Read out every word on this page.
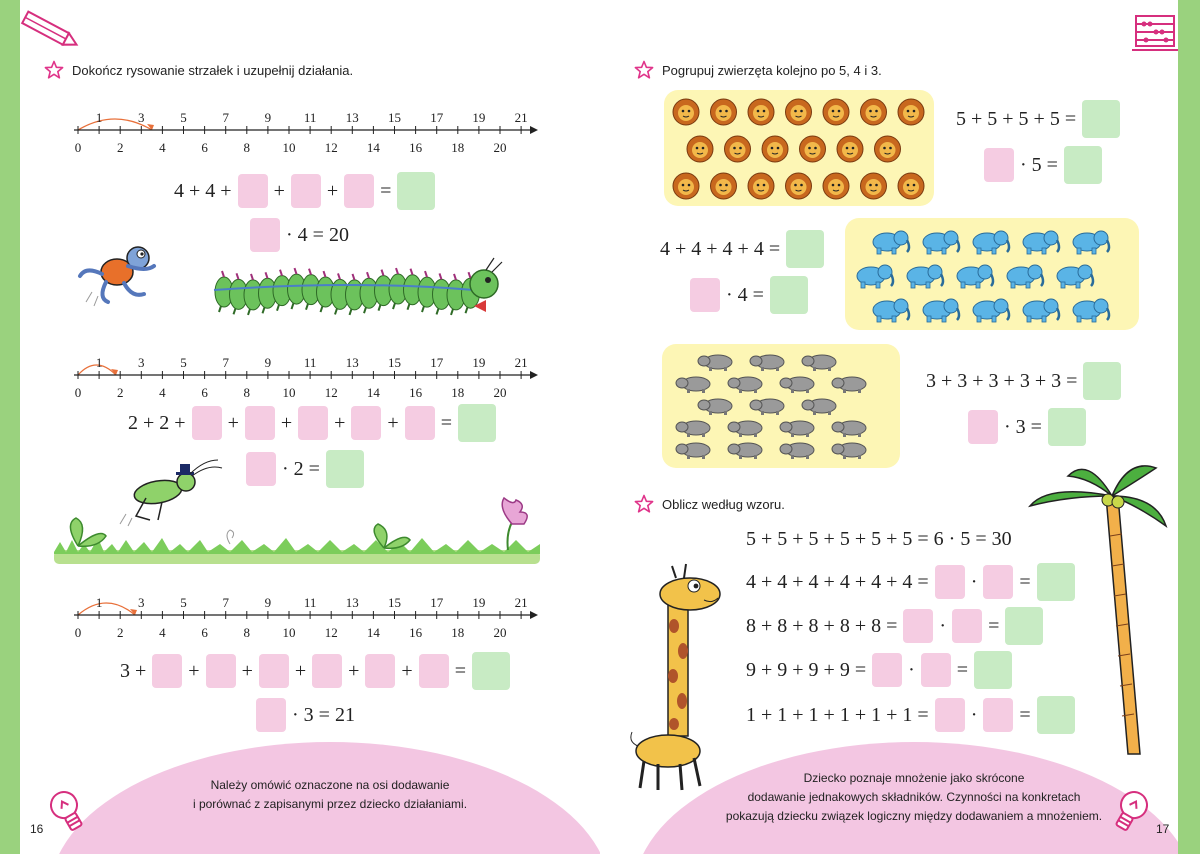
Dokończ rysowanie strzałek i uzupełnij działania.
1	3	5	7	9	11 13 15 17 19 21
0	2	4	6	8 10 12 14 16 18 20
4 + 4 + + + =
· 4 = 20
1	3	5	7	9	11 13 15 17 19 21
0	2	4	6	8 10 12 14 16 18 20
2 + 2 + + + + + =
· 2 =
1	3	5	7	9	11 13 15 17 19 21
0	2	4	6	8 10 12 14 16 18 20
3 + + + + + + =
· 3 = 21
Należy omówić oznaczone na osi dodawanie
i porównać z zapisanymi przez dziecko działaniami.
16
Pogrupuj zwierzęta kolejno po 5, 4 i 3.
5 + 5 + 5 + 5 =
· 5 =
4 + 4 + 4 + 4 =
· 4 =
3 + 3 + 3 + 3 + 3 =
· 3 =
Oblicz według wzoru.
5 + 5 + 5 + 5 + 5 + 5 = 6 · 5 = 30
4 + 4 + 4 + 4 + 4 + 4 = · =
8 + 8 + 8 + 8 + 8 = · =
9 + 9 + 9 + 9 = · =
1 + 1 + 1 + 1 + 1 + 1 = · =
Dziecko poznaje mnożenie jako skrócone
dodawanie jednakowych składników. Czynności na konkretach
pokazują dziecku związek logiczny między dodawaniem a mnożeniem.
17
